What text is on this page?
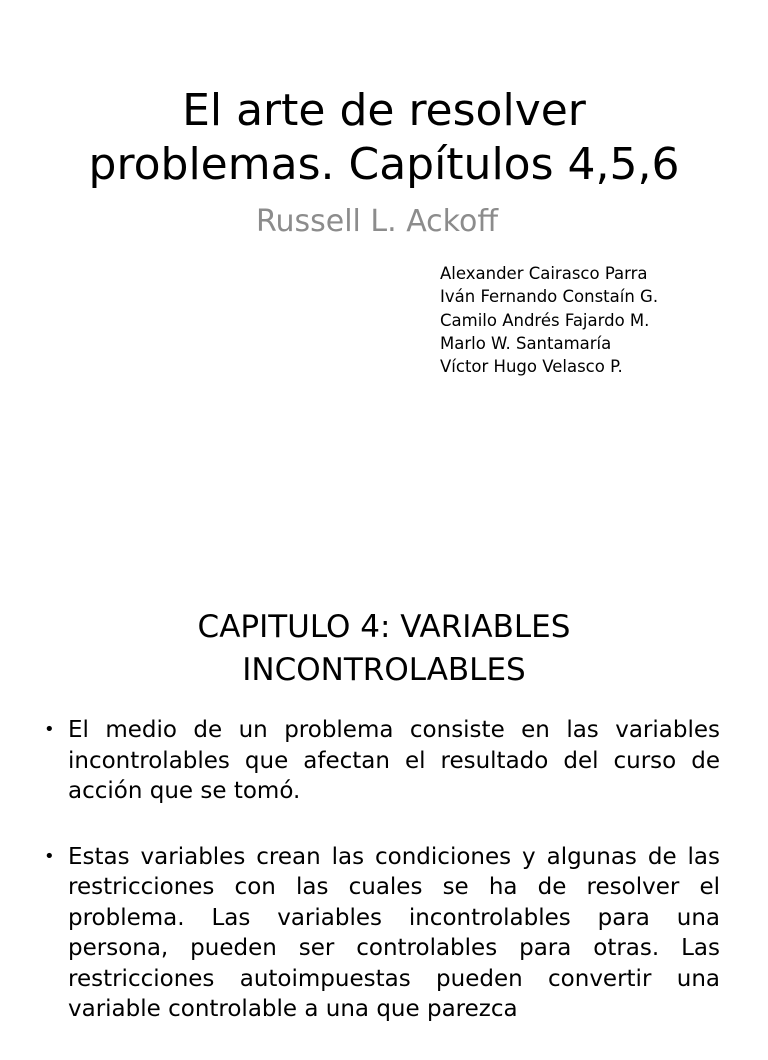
El arte de resolver
problemas. Capítulos 4,5,6
Russell L. Ackoff
Alexander Cairasco Parra
Iván Fernando Constaín G.
Camilo Andrés Fajardo M.
Marlo W. Santamaría
Víctor Hugo Velasco P.
CAPITULO 4: VARIABLES
INCONTROLABLES
• El medio de un problema consiste en las variables incontrolables que afectan el resultado del curso de acción que se tomó.
• Estas variables crean las condiciones y algunas de las restricciones con las cuales se ha de resolver el problema. Las variables incontrolables para una persona, pueden ser controlables para otras. Las restricciones autoimpuestas pueden convertir una variable controlable a una que parezca
